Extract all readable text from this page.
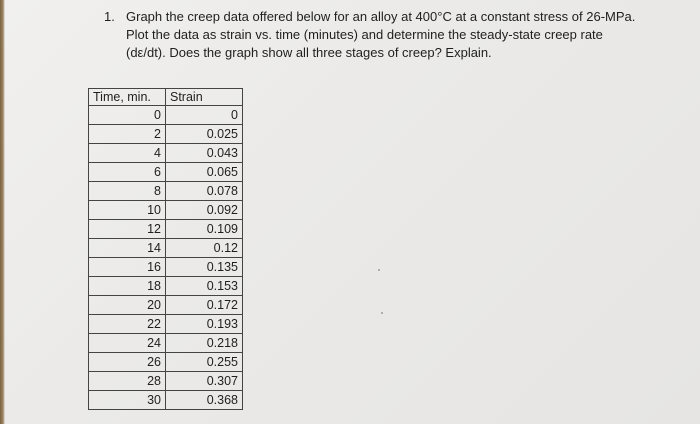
1. Graph the creep data offered below for an alloy at 400°C at a constant stress of 26-MPa.
Plot the data as strain vs. time (minutes) and determine the steady-state creep rate
(dε/dt). Does the graph show all three stages of creep? Explain.
Time, min.	Strain
0	0
2	0.025
4	0.043
6	0.065
8	0.078
10	0.092
12	0.109
14	0.12
16	0.135
18	0.153
20	0.172
22	0.193
24	0.218
26	0.255
28	0.307
30	0.368
